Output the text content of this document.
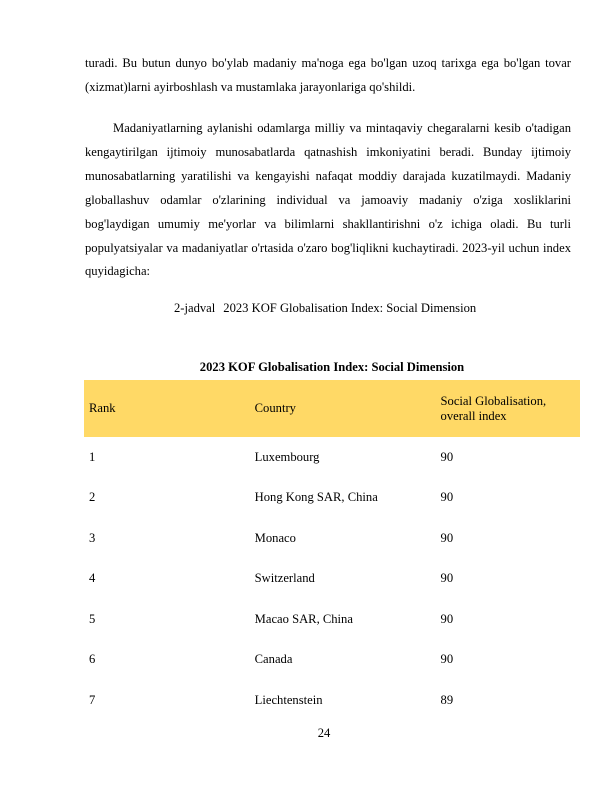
turadi. Bu butun dunyo bo'ylab madaniy ma'noga ega bo'lgan uzoq tarixga ega bo'lgan tovar (xizmat)larni ayirboshlash va mustamlaka jarayonlariga qo'shildi.

Madaniyatlarning aylanishi odamlarga milliy va mintaqaviy chegaralarni kesib o'tadigan kengaytirilgan ijtimoiy munosabatlarda qatnashish imkoniyatini beradi. Bunday ijtimoiy munosabatlarning yaratilishi va kengayishi nafaqat moddiy darajada kuzatilmaydi. Madaniy globallashuv odamlar o'zlarining individual va jamoaviy madaniy o'ziga xosliklarini bog'laydigan umumiy me'yorlar va bilimlarni shakllantirishni o'z ichiga oladi. Bu turli populyatsiyalar va madaniyatlar o'rtasida o'zaro bog'liqlikni kuchaytiradi. 2023-yil uchun index quyidagicha:

2-jadval 2023 KOF Globalisation Index: Social Dimension

2023 KOF Globalisation Index: Social Dimension

Rank	Country	Social Globalisation, overall index
1	Luxembourg	90
2	Hong Kong SAR, China	90
3	Monaco	90
4	Switzerland	90
5	Macao SAR, China	90
6	Canada	90
7	Liechtenstein	89

24
